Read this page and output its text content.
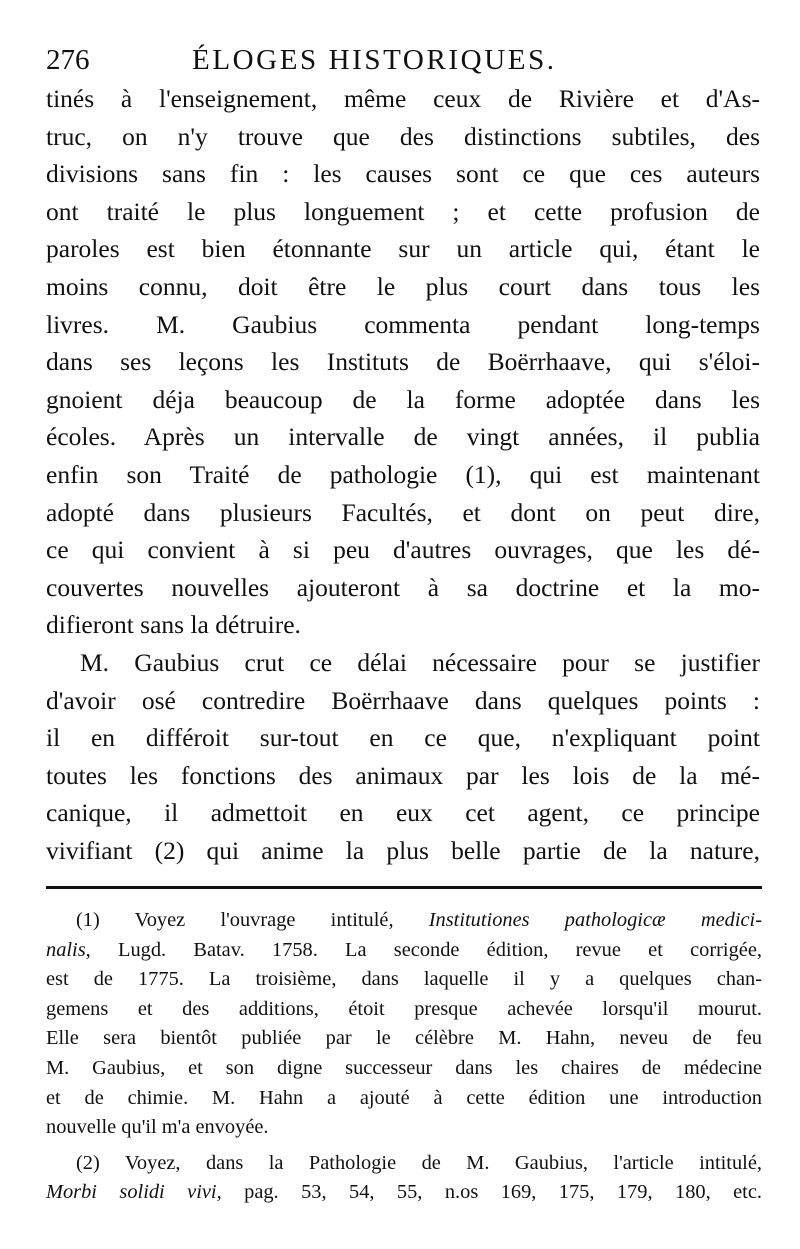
276	ÉLOGES HISTORIQUES.
tinés à l'enseignement, même ceux de Rivière et d'As-
truc, on n'y trouve que des distinctions subtiles, des
divisions sans fin : les causes sont ce que ces auteurs
ont traité le plus longuement ; et cette profusion de
paroles est bien étonnante sur un article qui, étant le
moins connu, doit être le plus court dans tous les
livres. M. Gaubius commenta pendant long-temps
dans ses leçons les Instituts de Boërrhaave, qui s'éloi-
gnoient déja beaucoup de la forme adoptée dans les
écoles. Après un intervalle de vingt années, il publia
enfin son Traité de pathologie (1), qui est maintenant
adopté dans plusieurs Facultés, et dont on peut dire,
ce qui convient à si peu d'autres ouvrages, que les dé-
couvertes nouvelles ajouteront à sa doctrine et la mo-
difieront sans la détruire.
M. Gaubius crut ce délai nécessaire pour se justifier
d'avoir osé contredire Boërrhaave dans quelques points :
il en différoit sur-tout en ce que, n'expliquant point
toutes les fonctions des animaux par les lois de la mé-
canique, il admettoit en eux cet agent, ce principe
vivifiant (2) qui anime la plus belle partie de la nature,
(1) Voyez l'ouvrage intitulé, Institutiones pathologicæ medici-
nalis, Lugd. Batav. 1758. La seconde édition, revue et corrigée,
est de 1775. La troisième, dans laquelle il y a quelques chan-
gemens et des additions, étoit presque achevée lorsqu'il mourut.
Elle sera bientôt publiée par le célèbre M. Hahn, neveu de feu
M. Gaubius, et son digne successeur dans les chaires de médecine
et de chimie. M. Hahn a ajouté à cette édition une introduction
nouvelle qu'il m'a envoyée.
(2) Voyez, dans la Pathologie de M. Gaubius, l'article intitulé,
Morbi solidi vivi, pag. 53, 54, 55, n.os 169, 175, 179, 180, etc.
